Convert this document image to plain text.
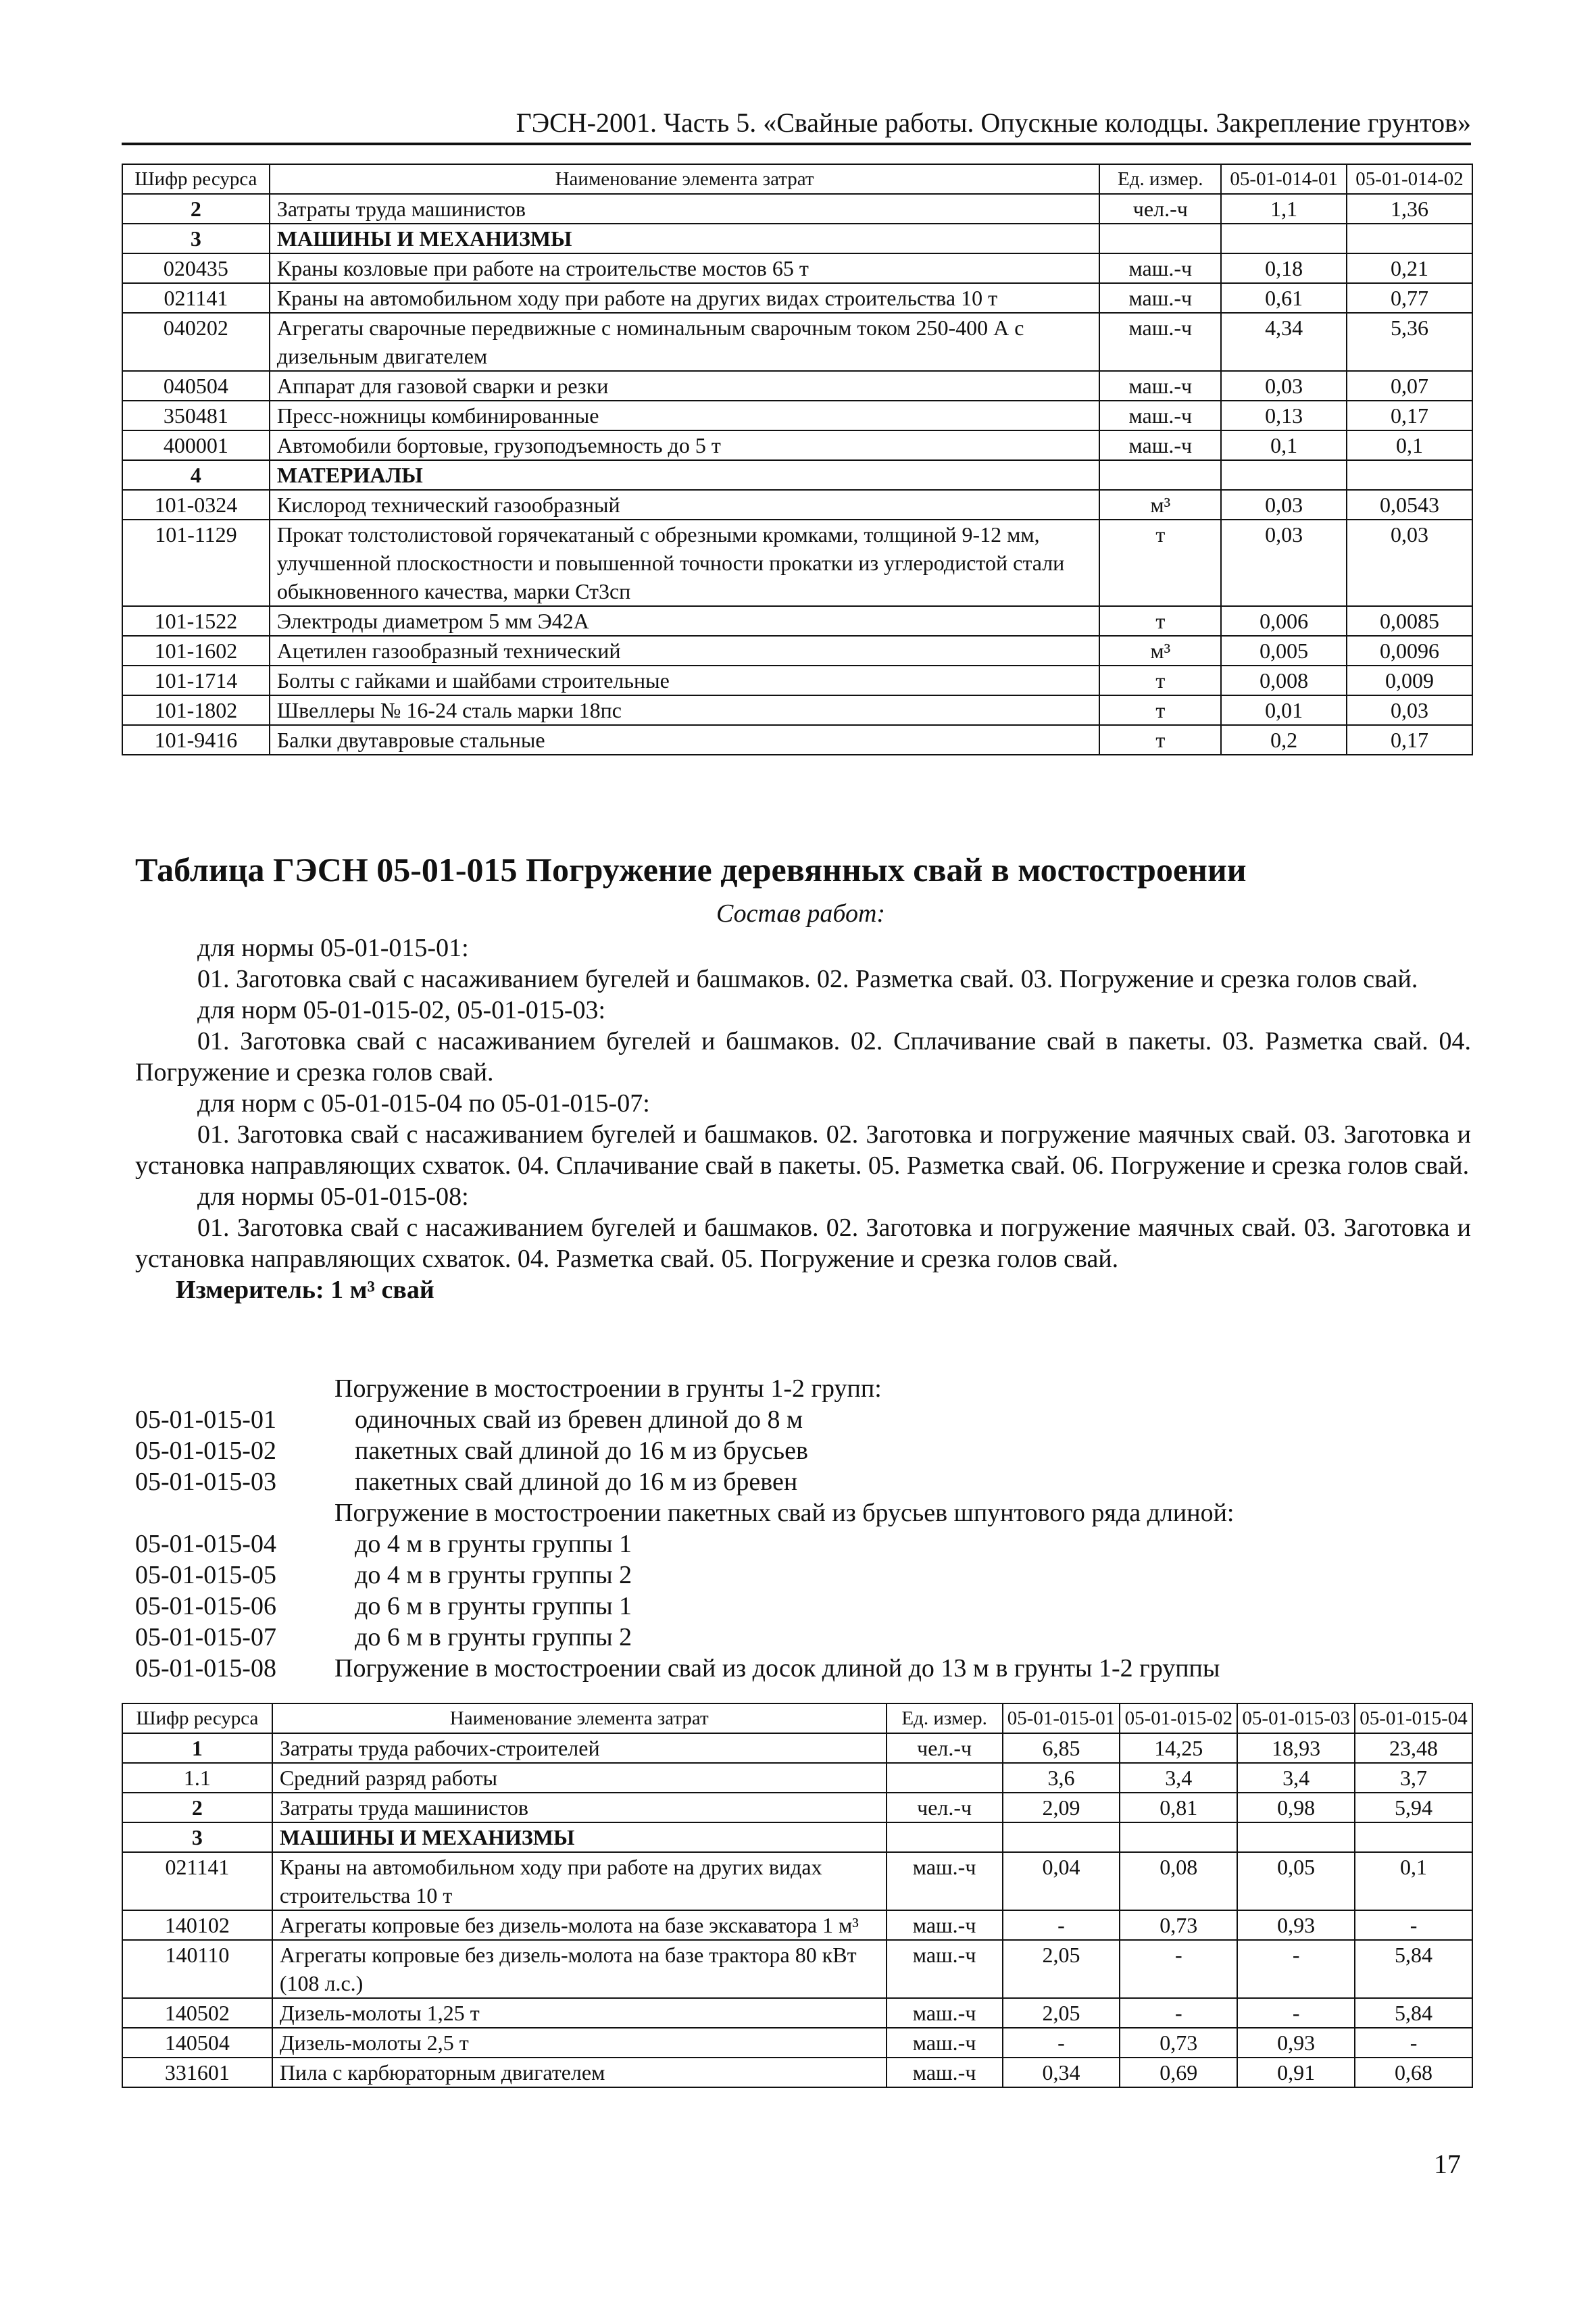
ГЭСН-2001. Часть 5. «Свайные работы. Опускные колодцы. Закрепление грунтов»
Шифр ресурса	Наименование элемента затрат	Ед. измер.	05-01-014-01	05-01-014-02
2	Затраты труда машинистов	чел.-ч	1,1	1,36
3	МАШИНЫ И МЕХАНИЗМЫ			
020435	Краны козловые при работе на строительстве мостов 65 т	маш.-ч	0,18	0,21
021141	Краны на автомобильном ходу при работе на других видах строительства 10 т	маш.-ч	0,61	0,77
040202	Агрегаты сварочные передвижные с номинальным сварочным током 250-400 А с дизельным двигателем	маш.-ч	4,34	5,36
040504	Аппарат для газовой сварки и резки	маш.-ч	0,03	0,07
350481	Пресс-ножницы комбинированные	маш.-ч	0,13	0,17
400001	Автомобили бортовые, грузоподъемность до 5 т	маш.-ч	0,1	0,1
4	МАТЕРИАЛЫ			
101-0324	Кислород технический газообразный	м³	0,03	0,0543
101-1129	Прокат толстолистовой горячекатаный с обрезными кромками, толщиной 9-12 мм, улучшенной плоскостности и повышенной точности прокатки из углеродистой стали обыкновенного качества, марки Ст3сп	т	0,03	0,03
101-1522	Электроды диаметром 5 мм Э42А	т	0,006	0,0085
101-1602	Ацетилен газообразный технический	м³	0,005	0,0096
101-1714	Болты с гайками и шайбами строительные	т	0,008	0,009
101-1802	Швеллеры № 16-24 сталь марки 18пс	т	0,01	0,03
101-9416	Балки двутавровые стальные	т	0,2	0,17
Таблица ГЭСН 05-01-015 Погружение деревянных свай в мостостроении
Состав работ:

для нормы 05-01-015-01:

01. Заготовка свай с насаживанием бугелей и башмаков. 02. Разметка свай. 03. Погружение и срезка голов свай.

для норм 05-01-015-02, 05-01-015-03:

01. Заготовка свай с насаживанием бугелей и башмаков. 02. Сплачивание свай в пакеты. 03. Разметка свай. 04. Погружение и срезка голов свай.

для норм с 05-01-015-04 по 05-01-015-07:

01. Заготовка свай с насаживанием бугелей и башмаков. 02. Заготовка и погружение маячных свай. 03. Заготовка и установка направляющих схваток. 04. Сплачивание свай в пакеты. 05. Разметка свай. 06. Погружение и срезка голов свай.

для нормы 05-01-015-08:

01. Заготовка свай с насаживанием бугелей и башмаков. 02. Заготовка и погружение маячных свай. 03. Заготовка и установка направляющих схваток. 04. Разметка свай. 05. Погружение и срезка голов свай.

Измеритель: 1 м³ свай

Погружение в мостостроении в грунты 1-2 групп:
05-01-015-01	одиночных свай из бревен длиной до 8 м
05-01-015-02	пакетных свай длиной до 16 м из брусьев
05-01-015-03	пакетных свай длиной до 16 м из бревен
Погружение в мостостроении пакетных свай из брусьев шпунтового ряда длиной:
05-01-015-04	до 4 м в грунты группы 1
05-01-015-05	до 4 м в грунты группы 2
05-01-015-06	до 6 м в грунты группы 1
05-01-015-07	до 6 м в грунты группы 2
05-01-015-08	Погружение в мостостроении свай из досок длиной до 13 м в грунты 1-2 группы
Шифр ресурса	Наименование элемента затрат	Ед. измер.	05-01-015-01	05-01-015-02	05-01-015-03	05-01-015-04
1	Затраты труда рабочих-строителей	чел.-ч	6,85	14,25	18,93	23,48
1.1	Средний разряд работы		3,6	3,4	3,4	3,7
2	Затраты труда машинистов	чел.-ч	2,09	0,81	0,98	5,94
3	МАШИНЫ И МЕХАНИЗМЫ					
021141	Краны на автомобильном ходу при работе на других видах строительства 10 т	маш.-ч	0,04	0,08	0,05	0,1
140102	Агрегаты копровые без дизель-молота на базе экскаватора 1 м³	маш.-ч	-	0,73	0,93	-
140110	Агрегаты копровые без дизель-молота на базе трактора 80 кВт (108 л.с.)	маш.-ч	2,05	-	-	5,84
140502	Дизель-молоты 1,25 т	маш.-ч	2,05	-	-	5,84
140504	Дизель-молоты 2,5 т	маш.-ч	-	0,73	0,93	-
331601	Пила с карбюраторным двигателем	маш.-ч	0,34	0,69	0,91	0,68
17
